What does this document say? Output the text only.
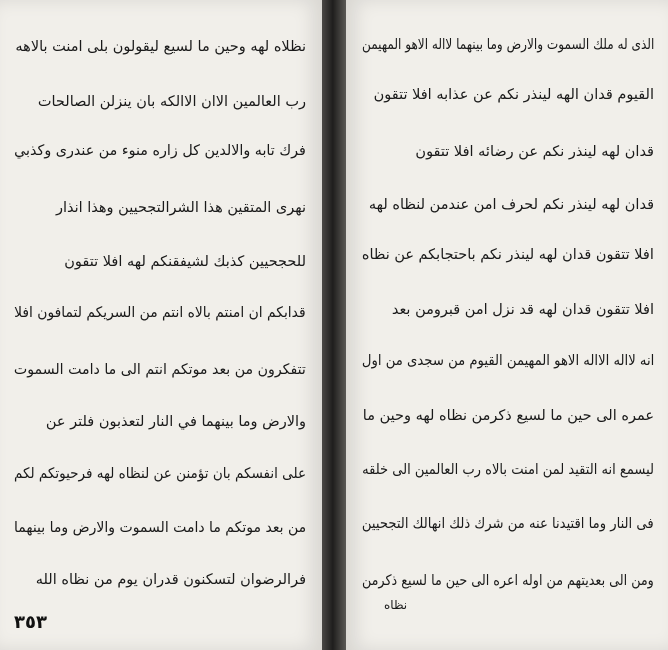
نظلاه لهه وحين ما لسيع ليقولون بلى امنت بالاهه
رب العالمين الاان الاالكه بان ينزلن الصالحات
فرك تابه والالدين كل زاره منوء من عندرى وكذبي
نهرى المتقين هذا الشرالتجحيين وهذا انذار
للحجحيين كذبك لشيفقنكم لهه افلا تتقون
قدابكم ان امنتم بالاه انتم من السريكم لتمافون افلا
تتفكرون من بعد موتكم انتم الى ما دامت السموت
والارض وما بينهما في النار لتعذبون فلتر عن
على انفسكم بان تؤمنن عن لنظاه لهه فرحيوتكم لكم
من بعد موتكم ما دامت السموت والارض وما بينهما
فرالرضوان لتسكنون قدران يوم من نظاه الله
٣٥٣
الذى له ملك السموت والارض وما بينهما لااله الاهو المهيمن
القيوم قدان الهه لينذر نكم عن عذابه افلا تتقون
قدان لهه لينذر نكم عن رضائه افلا تتقون
قدان لهه لينذر نكم لحرف امن عندمن لنظاه لهه
افلا تتقون قدان لهه لينذر نكم باحتجابكم عن نظاه
افلا تتقون قدان لهه قد نزل امن قبرومن بعد
انه لااله الااله الاهو المهيمن القيوم من سجدى من اول
عمره الى حين ما لسيع ذكرمن نظاه لهه وحين ما
ليسمع انه التقيد لمن امنت بالاه رب العالمين الى خلقه
فى النار وما اقتيدنا عنه من شرك ذلك انهالك التجحيين
ومن الى بعديتهم من اوله اعره الى حين ما لسيع ذكرمن
نظاه
